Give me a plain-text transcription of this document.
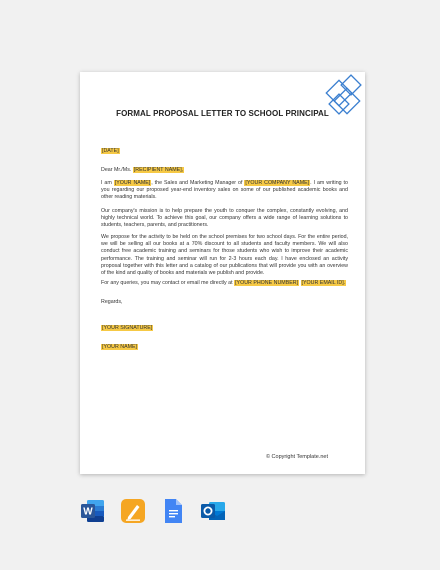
FORMAL PROPOSAL LETTER TO SCHOOL PRINCIPAL
[DATE]
Dear Mr./Ms. [RECIPIENT NAME],
I am [YOUR NAME], the Sales and Marketing Manager of [YOUR COMPANY NAME]. I am writing to you regarding our proposed year-end inventory sales on some of our published academic books and other reading materials.
Our company's mission is to help prepare the youth to conquer the complex, constantly evolving, and highly technical world. To achieve this goal, our company offers a wide range of learning solutions to students, teachers, parents, and practitioners.
We propose for the activity to be held on the school premises for two school days. For the entire period, we will be selling all our books at a 70% discount to all students and faculty members. We will also conduct free academic training and seminars for those students who wish to improve their academic performance. The training and seminar will run for 2-3 hours each day. I have enclosed an activity proposal together with this letter and a catalog of our publications that will provide you with an overview of the kind and quality of books and materials we publish and provide.
For any queries, you may contact or email me directly at [YOUR PHONE NUMBER] [YOUR EMAIL ID].
Regards,
[YOUR SIGNATURE]
[YOUR NAME]
© Copyright Template.net
W
